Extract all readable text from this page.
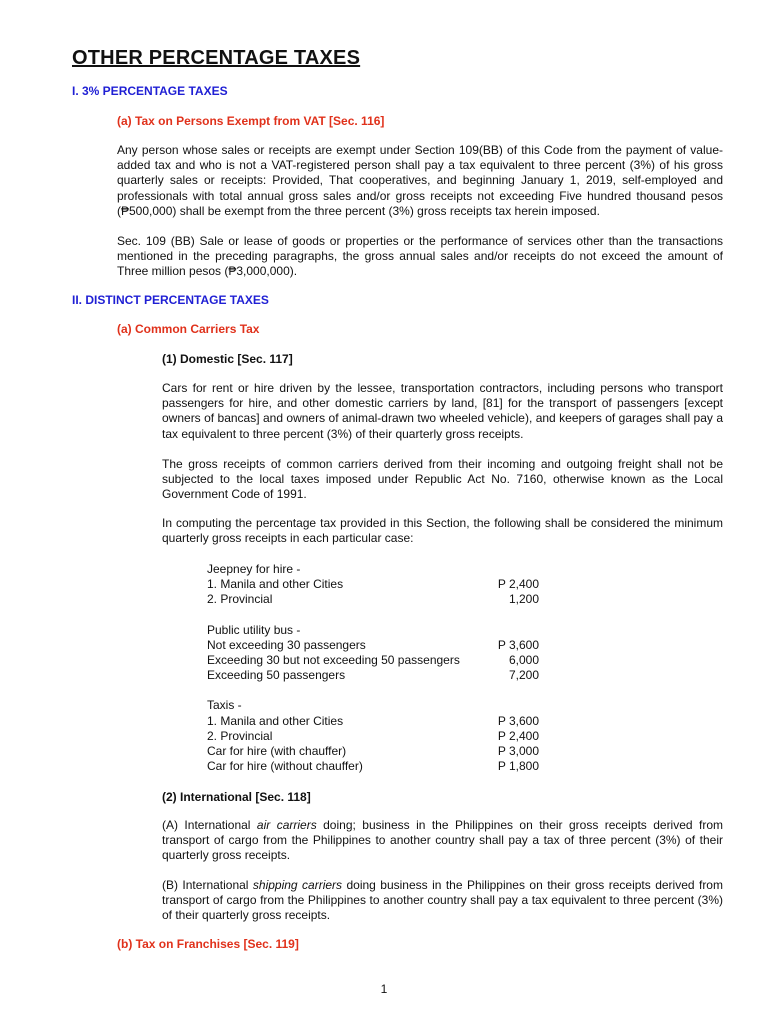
OTHER PERCENTAGE TAXES
I. 3% PERCENTAGE TAXES
(a) Tax on Persons Exempt from VAT [Sec. 116]

Any person whose sales or receipts are exempt under Section 109(BB) of this Code from the payment of value-added tax and who is not a VAT-registered person shall pay a tax equivalent to three percent (3%) of his gross quarterly sales or receipts: Provided, That cooperatives, and beginning January 1, 2019, self-employed and professionals with total annual gross sales and/or gross receipts not exceeding Five hundred thousand pesos (₱500,000) shall be exempt from the three percent (3%) gross receipts tax herein imposed.

Sec. 109 (BB) Sale or lease of goods or properties or the performance of services other than the transactions mentioned in the preceding paragraphs, the gross annual sales and/or receipts do not exceed the amount of Three million pesos (₱3,000,000).

II. DISTINCT PERCENTAGE TAXES
(a) Common Carriers Tax
(1) Domestic [Sec. 117]

Cars for rent or hire driven by the lessee, transportation contractors, including persons who transport passengers for hire, and other domestic carriers by land, [81] for the transport of passengers [except owners of bancas] and owners of animal-drawn two wheeled vehicle), and keepers of garages shall pay a tax equivalent to three percent (3%) of their quarterly gross receipts.

The gross receipts of common carriers derived from their incoming and outgoing freight shall not be subjected to the local taxes imposed under Republic Act No. 7160, otherwise known as the Local Government Code of 1991.

In computing the percentage tax provided in this Section, the following shall be considered the minimum quarterly gross receipts in each particular case:

Jeepney for hire -
1. Manila and other Cities	P 2,400
2. Provincial	1,200
Public utility bus -
Not exceeding 30 passengers	P 3,600
Exceeding 30 but not exceeding 50 passengers	6,000
Exceeding 50 passengers	7,200
Taxis -
1. Manila and other Cities	P 3,600
2. Provincial	P 2,400
Car for hire (with chauffer)	P 3,000
Car for hire (without chauffer)	P 1,800
(2) International [Sec. 118]

(A) International air carriers doing; business in the Philippines on their gross receipts derived from transport of cargo from the Philippines to another country shall pay a tax of three percent (3%) of their quarterly gross receipts.

(B) International shipping carriers doing business in the Philippines on their gross receipts derived from transport of cargo from the Philippines to another country shall pay a tax equivalent to three percent (3%) of their quarterly gross receipts.

(b) Tax on Franchises [Sec. 119]
1
